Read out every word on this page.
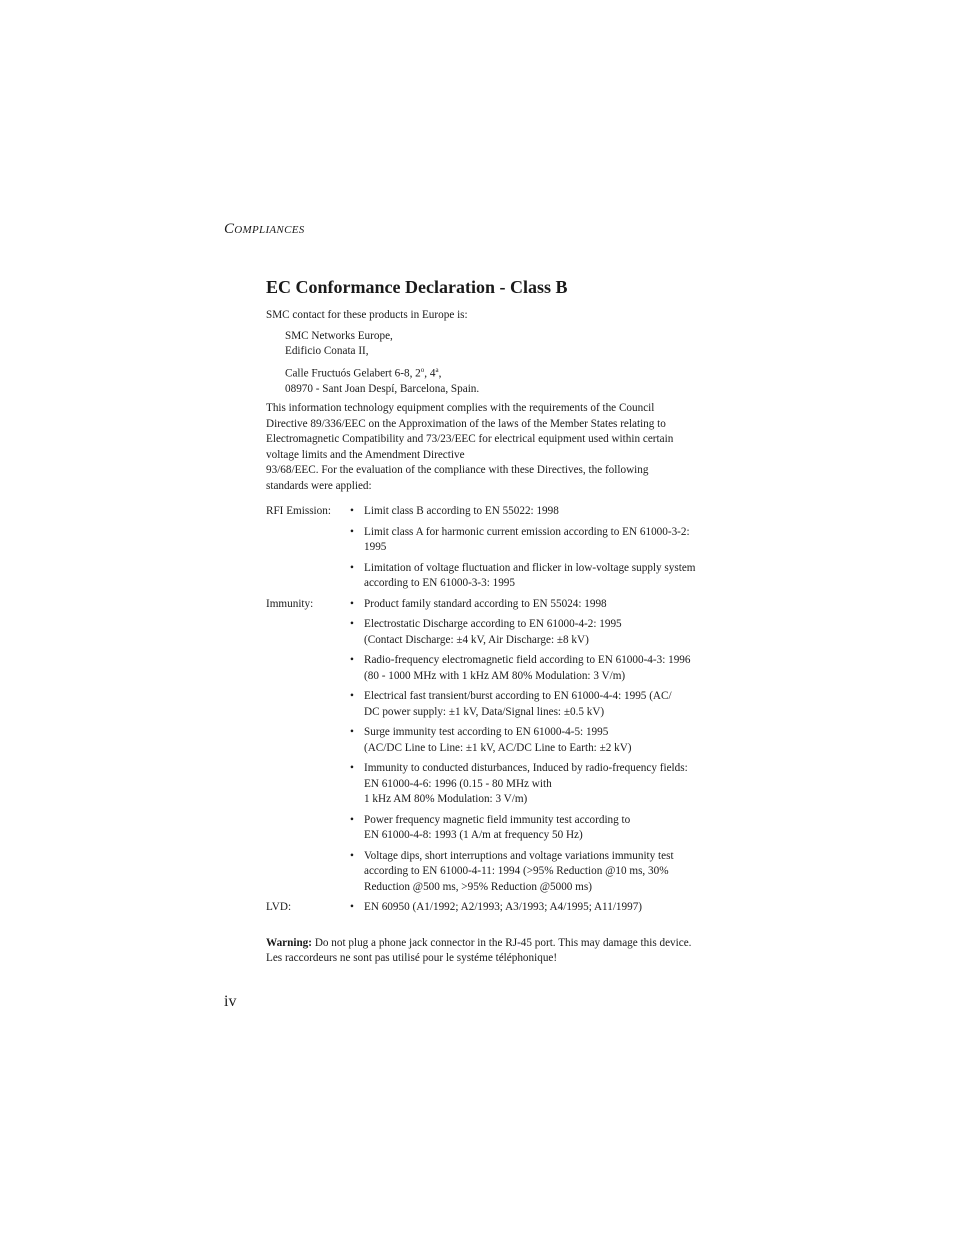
Compliances
EC Conformance Declaration - Class B

SMC contact for these products in Europe is:

SMC Networks Europe,
Edificio Conata II,
Calle Fructuós Gelabert 6-8, 2$^o$, 4$^a$,
08970 - Sant Joan Despí, Barcelona, Spain.

This information technology equipment complies with the requirements of the Council
Directive 89/336/EEC on the Approximation of the laws of the Member States relating to
Electromagnetic Compatibility and 73/23/EEC for electrical equipment used within certain
voltage limits and the Amendment Directive
93/68/EEC. For the evaluation of the compliance with these Directives, the following
standards were applied:

RFI Emission:	• Limit class B according to EN 55022: 1998
• Limit class A for harmonic current emission according to EN 61000-3-2:
1995
• Limitation of voltage fluctuation and flicker in low-voltage supply system
according to EN 61000-3-3: 1995
Immunity:	• Product family standard according to EN 55024: 1998
• Electrostatic Discharge according to EN 61000-4-2: 1995
(Contact Discharge: ±4 kV, Air Discharge: ±8 kV)
• Radio-frequency electromagnetic field according to EN 61000-4-3: 1996
(80 - 1000 MHz with 1 kHz AM 80% Modulation: 3 V/m)
• Electrical fast transient/burst according to EN 61000-4-4: 1995 (AC/
DC power supply: ±1 kV, Data/Signal lines: ±0.5 kV)
• Surge immunity test according to EN 61000-4-5: 1995
(AC/DC Line to Line: ±1 kV, AC/DC Line to Earth: ±2 kV)
• Immunity to conducted disturbances, Induced by radio-frequency fields:
EN 61000-4-6: 1996 (0.15 - 80 MHz with
1 kHz AM 80% Modulation: 3 V/m)
• Power frequency magnetic field immunity test according to
EN 61000-4-8: 1993 (1 A/m at frequency 50 Hz)
• Voltage dips, short interruptions and voltage variations immunity test
according to EN 61000-4-11: 1994 (>95% Reduction @10 ms, 30%
Reduction @500 ms, >95% Reduction @5000 ms)
LVD:	• EN 60950 (A1/1992; A2/1993; A3/1993; A4/1995; A11/1997)

Warning: Do not plug a phone jack connector in the RJ-45 port. This may damage this device.
Les raccordeurs ne sont pas utilisé pour le systéme téléphonique!

iv
